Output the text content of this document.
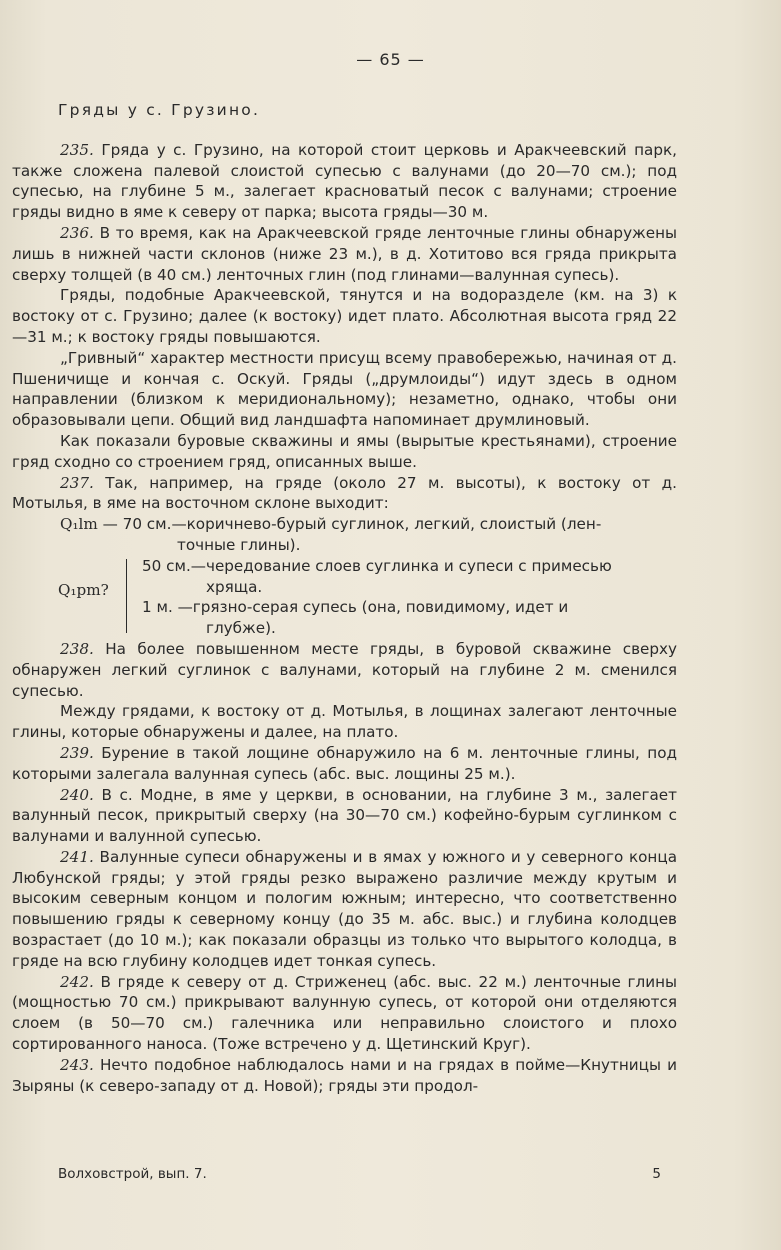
— 65 —
Гряды у с. Грузино.

235. Гряда у с. Грузино, на которой стоит церковь и Аракчеевский парк, также сложена палевой слоистой супесью с валунами (до 20—70 см.); под супесью, на глубине 5 м., залегает красноватый песок с валунами; строение гряды видно в яме к северу от парка; высота гряды—30 м.

236. В то время, как на Аракчеевской гряде ленточные глины обнаружены лишь в нижней части склонов (ниже 23 м.), в д. Хотитово вся гряда прикрыта сверху толщей (в 40 см.) ленточных глин (под глинами—валунная супесь).

Гряды, подобные Аракчеевской, тянутся и на водоразделе (км. на 3) к востоку от с. Грузино; далее (к востоку) идет плато. Абсолютная высота гряд 22—31 м.; к востоку гряды повышаются.

„Гривный“ характер местности присущ всему правобережью, начиная от д. Пшеничище и кончая с. Оскуй. Гряды („друмлоиды“) идут здесь в одном направлении (близком к меридиональному); незаметно, однако, чтобы они образовывали цепи. Общий вид ландшафта напоминает друмлиновый.

Как показали буровые скважины и ямы (вырытые крестьянами), строение гряд сходно со строением гряд, описанных выше.

237. Так, например, на гряде (около 27 м. высоты), к востоку от д. Мотылья, в яме на восточном склоне выходит:

Q₁lm — 70 см.—коричнево-бурый суглинок, легкий, слоистый (лен-
точные глины).
Q₁pm?
50 см.—чередование слоев суглинка и супеси с примесью
хряща.
1 м. —грязно-серая супесь (она, повидимому, идет и
глубже).

238. На более повышенном месте гряды, в буровой скважине сверху обнаружен легкий суглинок с валунами, который на глубине 2 м. сменился супесью.

Между грядами, к востоку от д. Мотылья, в лощинах залегают ленточные глины, которые обнаружены и далее, на плато.

239. Бурение в такой лощине обнаружило на 6 м. ленточные глины, под которыми залегала валунная супесь (абс. выс. лощины 25 м.).

240. В с. Модне, в яме у церкви, в основании, на глубине 3 м., залегает валунный песок, прикрытый сверху (на 30—70 см.) кофейно-бурым суглинком с валунами и валунной супесью.

241. Валунные супеси обнаружены и в ямах у южного и у северного конца Любунской гряды; у этой гряды резко выражено различие между крутым и высоким северным концом и пологим южным; интересно, что соответственно повышению гряды к северному концу (до 35 м. абс. выс.) и глубина колодцев возрастает (до 10 м.); как показали образцы из только что вырытого колодца, в гряде на всю глубину колодцев идет тонкая супесь.

242. В гряде к северу от д. Стриженец (абс. выс. 22 м.) ленточные глины (мощностью 70 см.) прикрывают валунную супесь, от которой они отделяются слоем (в 50—70 см.) галечника или неправильно слоистого и плохо сортированного наноса. (Тоже встречено у д. Щетинский Круг).

243. Нечто подобное наблюдалось нами и на грядах в пойме—Кнутницы и Зыряны (к северо-западу от д. Новой); гряды эти продол-

Волховстрой, вып. 7.	5
